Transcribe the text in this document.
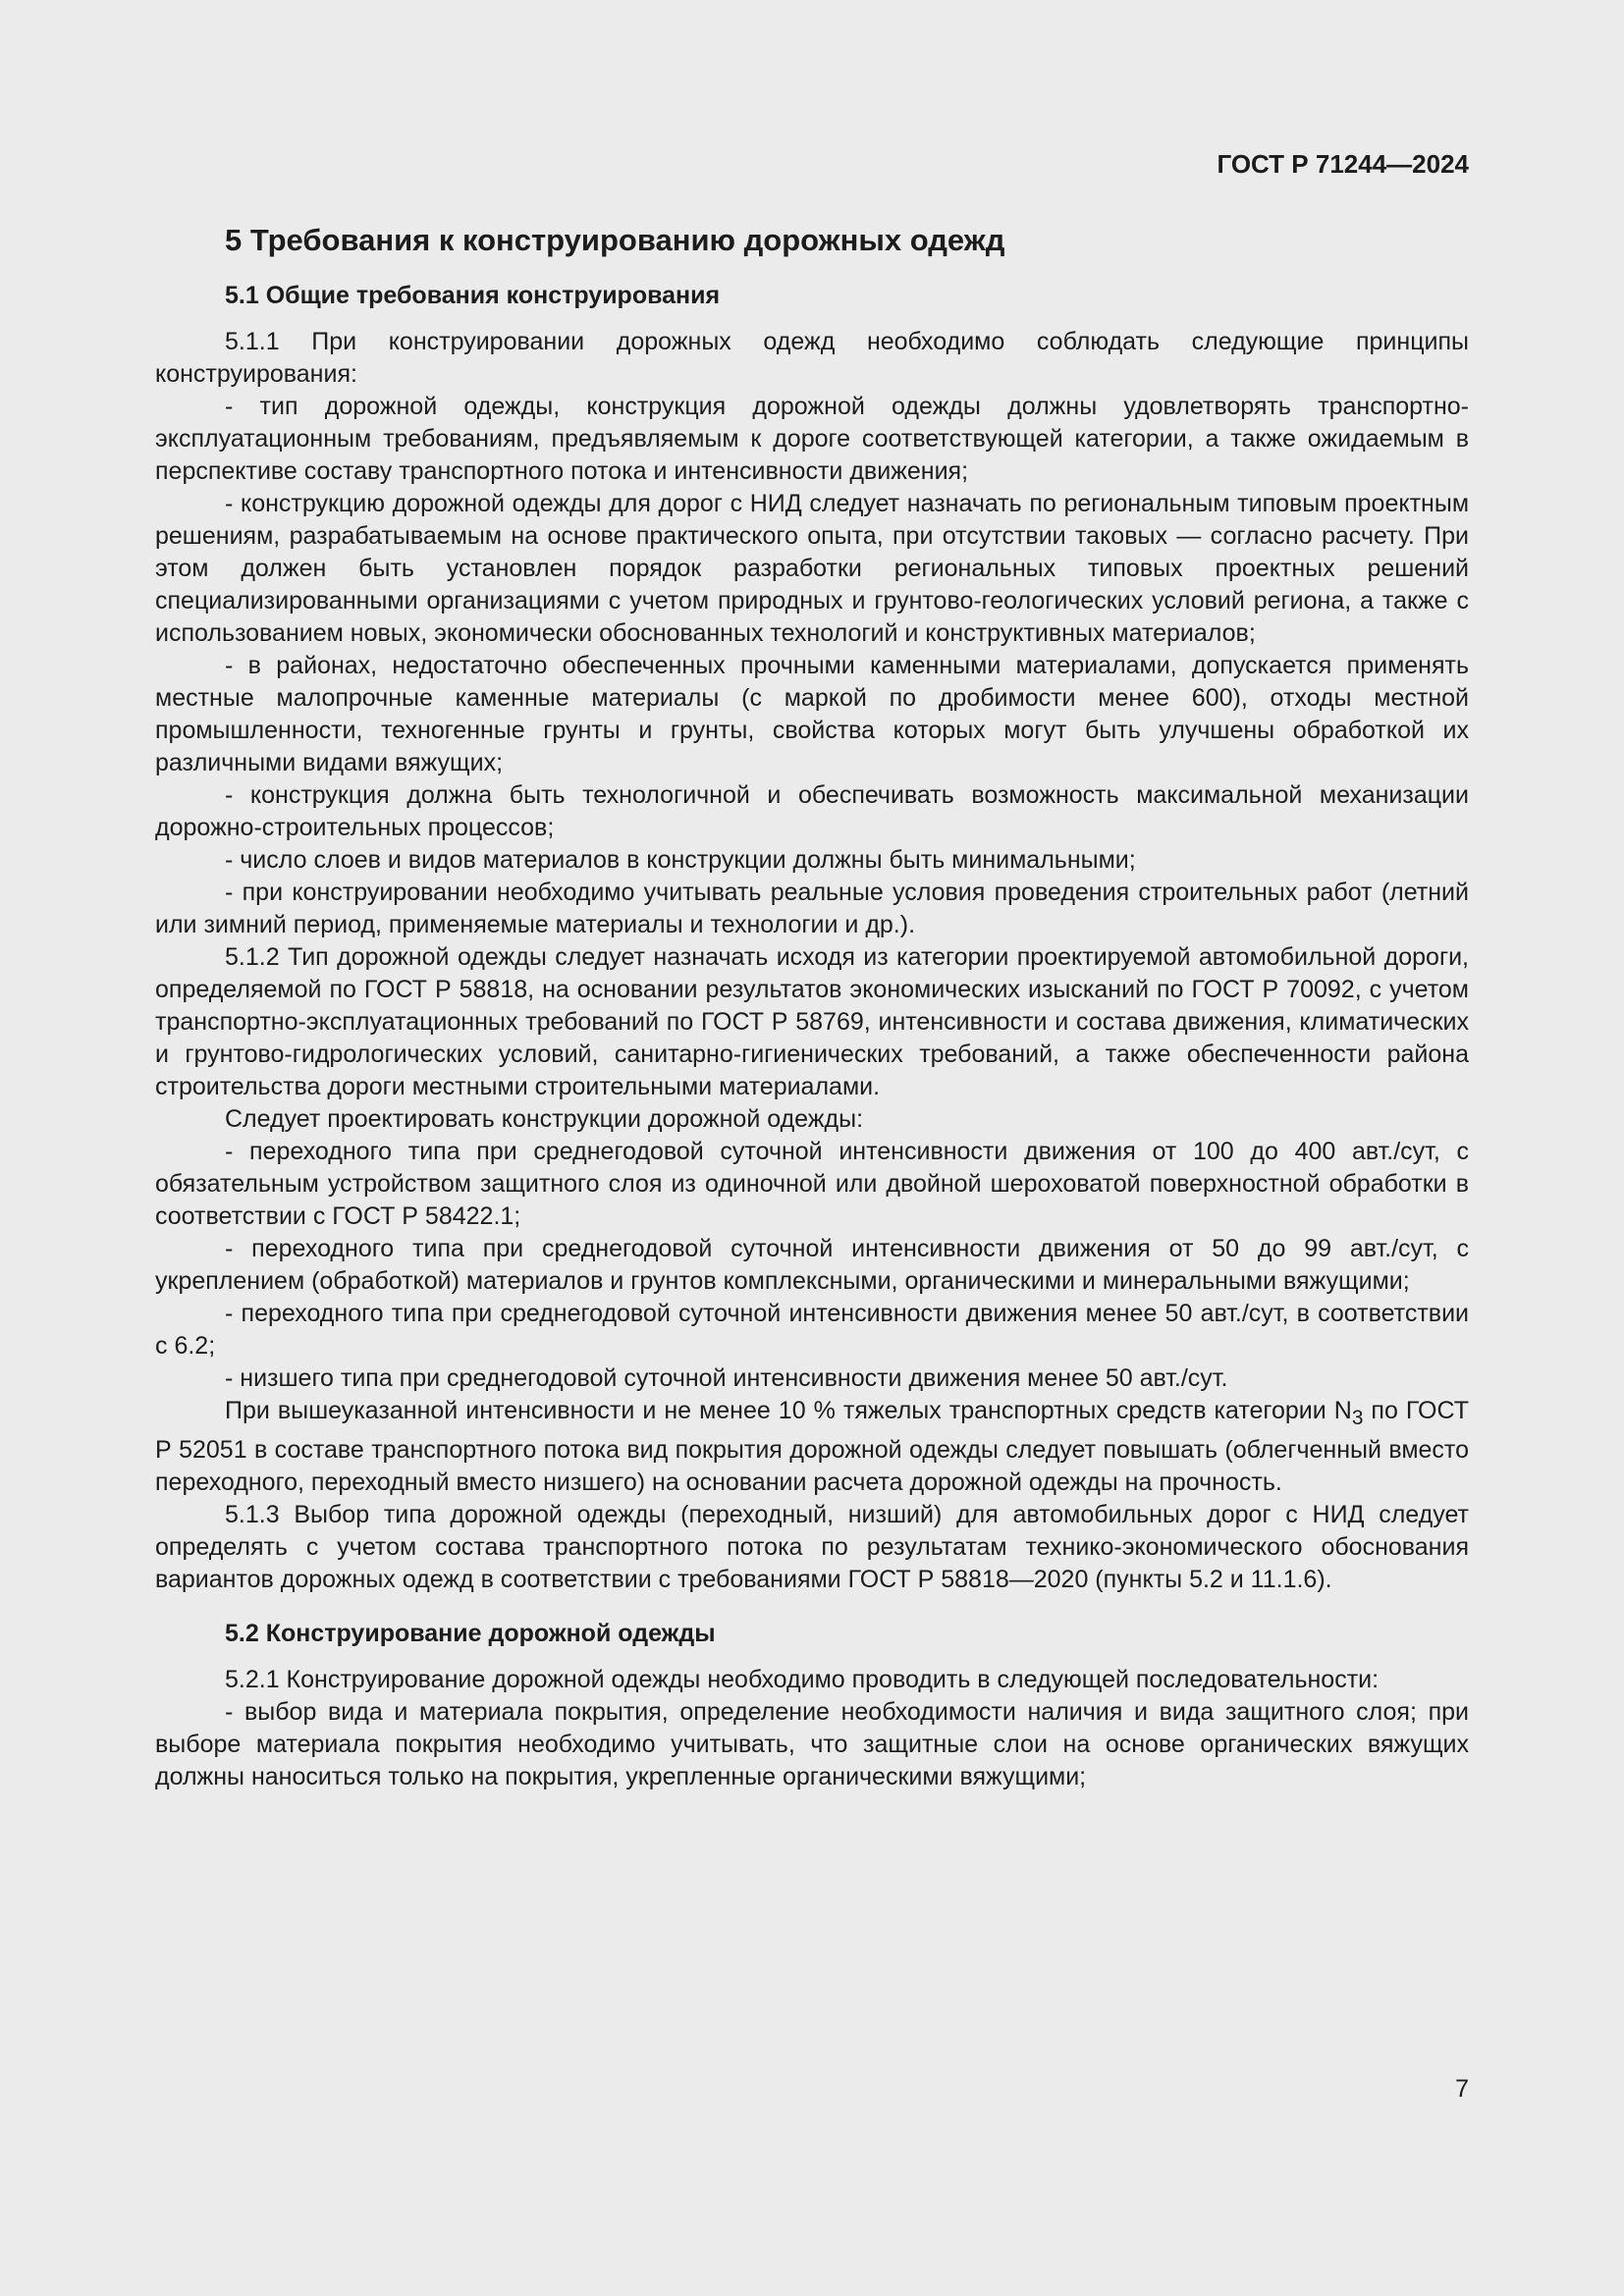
ГОСТ Р 71244—2024

5 Требования к конструированию дорожных одежд
5.1 Общие требования конструирования

5.1.1 При конструировании дорожных одежд необходимо соблюдать следующие принципы конструирования:

- тип дорожной одежды, конструкция дорожной одежды должны удовлетворять транспортно-эксплуатационным требованиям, предъявляемым к дороге соответствующей категории, а также ожидаемым в перспективе составу транспортного потока и интенсивности движения;

- конструкцию дорожной одежды для дорог с НИД следует назначать по региональным типовым проектным решениям, разрабатываемым на основе практического опыта, при отсутствии таковых — согласно расчету. При этом должен быть установлен порядок разработки региональных типовых проектных решений специализированными организациями с учетом природных и грунтово-геологических условий региона, а также с использованием новых, экономически обоснованных технологий и конструктивных материалов;

- в районах, недостаточно обеспеченных прочными каменными материалами, допускается применять местные малопрочные каменные материалы (с маркой по дробимости менее 600), отходы местной промышленности, техногенные грунты и грунты, свойства которых могут быть улучшены обработкой их различными видами вяжущих;

- конструкция должна быть технологичной и обеспечивать возможность максимальной механизации дорожно-строительных процессов;

- число слоев и видов материалов в конструкции должны быть минимальными;

- при конструировании необходимо учитывать реальные условия проведения строительных работ (летний или зимний период, применяемые материалы и технологии и др.).

5.1.2 Тип дорожной одежды следует назначать исходя из категории проектируемой автомобильной дороги, определяемой по ГОСТ Р 58818, на основании результатов экономических изысканий по ГОСТ Р 70092, с учетом транспортно-эксплуатационных требований по ГОСТ Р 58769, интенсивности и состава движения, климатических и грунтово-гидрологических условий, санитарно-гигиенических требований, а также обеспеченности района строительства дороги местными строительными материалами.

Следует проектировать конструкции дорожной одежды:

- переходного типа при среднегодовой суточной интенсивности движения от 100 до 400 авт./сут, с обязательным устройством защитного слоя из одиночной или двойной шероховатой поверхностной обработки в соответствии с ГОСТ Р 58422.1;

- переходного типа при среднегодовой суточной интенсивности движения от 50 до 99 авт./сут, с укреплением (обработкой) материалов и грунтов комплексными, органическими и минеральными вяжущими;

- переходного типа при среднегодовой суточной интенсивности движения менее 50 авт./сут, в соответствии с 6.2;

- низшего типа при среднегодовой суточной интенсивности движения менее 50 авт./сут.

При вышеуказанной интенсивности и не менее 10 % тяжелых транспортных средств категории $N_3$ по ГОСТ Р 52051 в составе транспортного потока вид покрытия дорожной одежды следует повышать (облегченный вместо переходного, переходный вместо низшего) на основании расчета дорожной одежды на прочность.

5.1.3 Выбор типа дорожной одежды (переходный, низший) для автомобильных дорог с НИД следует определять с учетом состава транспортного потока по результатам технико-экономического обоснования вариантов дорожных одежд в соответствии с требованиями ГОСТ Р 58818—2020 (пункты 5.2 и 11.1.6).

5.2 Конструирование дорожной одежды

5.2.1 Конструирование дорожной одежды необходимо проводить в следующей последовательности:

- выбор вида и материала покрытия, определение необходимости наличия и вида защитного слоя; при выборе материала покрытия необходимо учитывать, что защитные слои на основе органических вяжущих должны наноситься только на покрытия, укрепленные органическими вяжущими;

7
